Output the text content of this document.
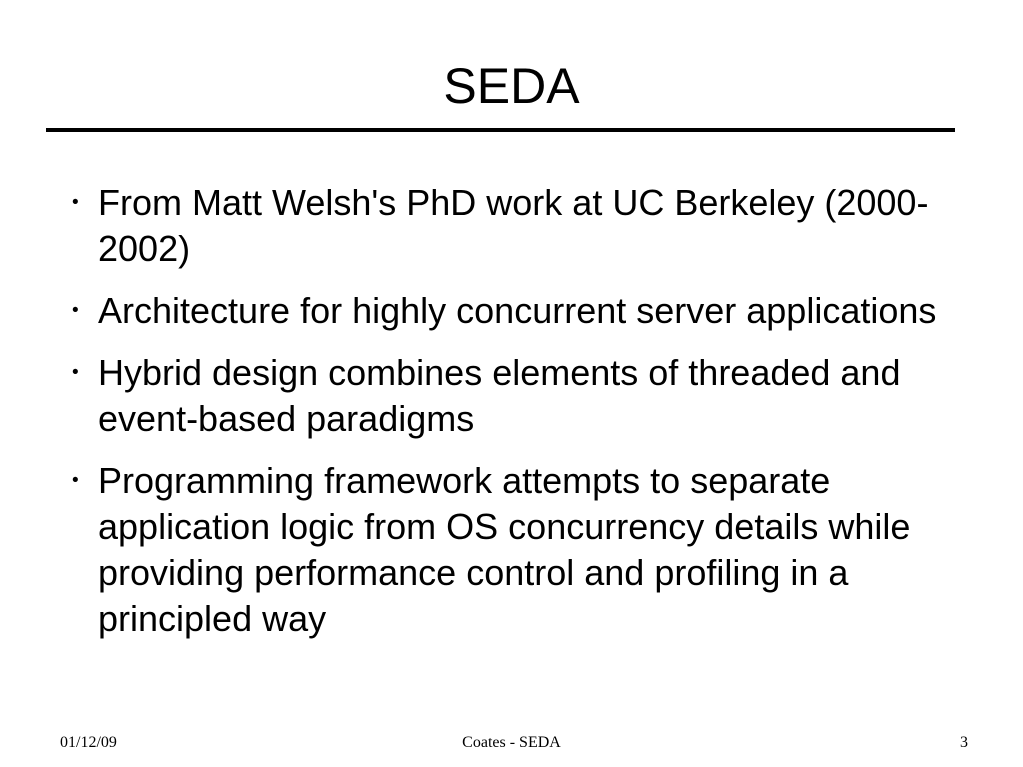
SEDA
• From Matt Welsh's PhD work at UC Berkeley (2000-2002)
• Architecture for highly concurrent server applications
• Hybrid design combines elements of threaded and event-based paradigms
• Programming framework attempts to separate application logic from OS concurrency details while providing performance control and profiling in a principled way
01/12/09	Coates - SEDA	3
